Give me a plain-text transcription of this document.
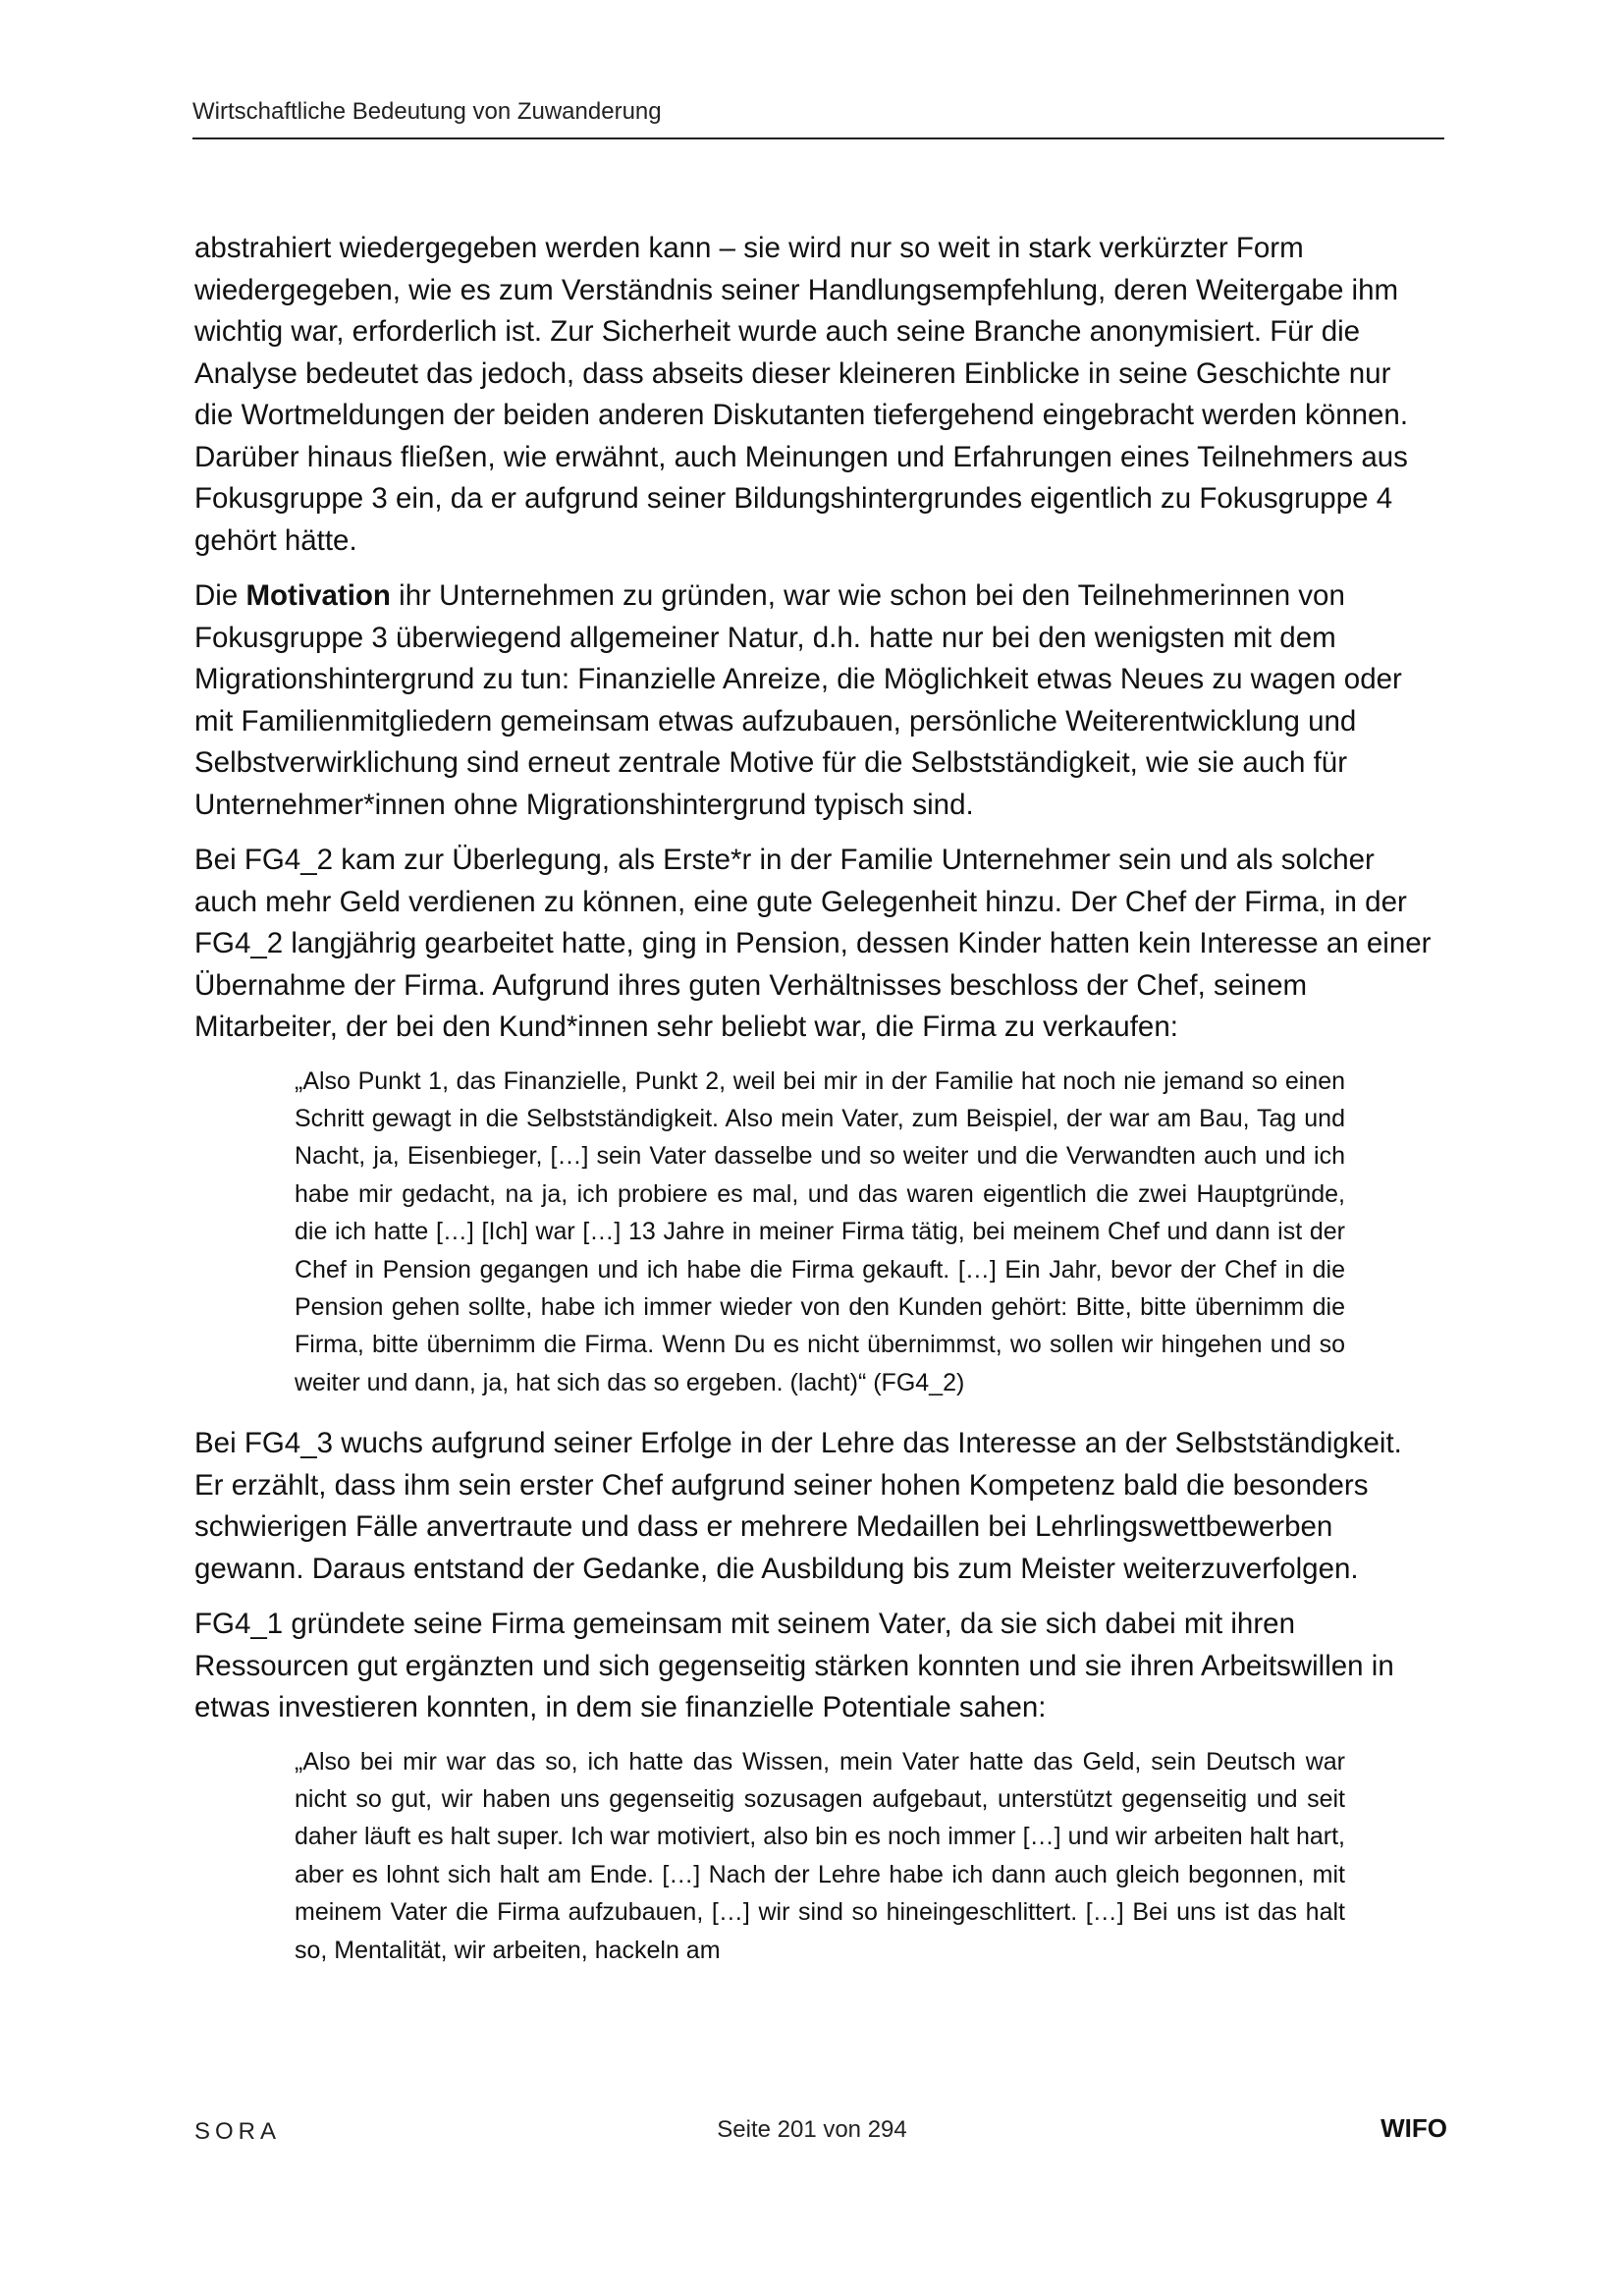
Wirtschaftliche Bedeutung von Zuwanderung

abstrahiert wiedergegeben werden kann – sie wird nur so weit in stark verkürzter Form wiedergegeben, wie es zum Verständnis seiner Handlungsempfehlung, deren Weitergabe ihm wichtig war, erforderlich ist. Zur Sicherheit wurde auch seine Branche anonymisiert. Für die Analyse bedeutet das jedoch, dass abseits dieser kleineren Einblicke in seine Geschichte nur die Wortmeldungen der beiden anderen Diskutanten tiefergehend eingebracht werden können. Darüber hinaus fließen, wie erwähnt, auch Meinungen und Erfahrungen eines Teilnehmers aus Fokusgruppe 3 ein, da er aufgrund seiner Bildungshintergrundes eigentlich zu Fokusgruppe 4 gehört hätte.

Die Motivation ihr Unternehmen zu gründen, war wie schon bei den Teilnehmerinnen von Fokusgruppe 3 überwiegend allgemeiner Natur, d.h. hatte nur bei den wenigsten mit dem Migrationshintergrund zu tun: Finanzielle Anreize, die Möglichkeit etwas Neues zu wagen oder mit Familienmitgliedern gemeinsam etwas aufzubauen, persönliche Weiterentwicklung und Selbstverwirklichung sind erneut zentrale Motive für die Selbstständigkeit, wie sie auch für Unternehmer*innen ohne Migrationshintergrund typisch sind.

Bei FG4_2 kam zur Überlegung, als Erste*r in der Familie Unternehmer sein und als solcher auch mehr Geld verdienen zu können, eine gute Gelegenheit hinzu. Der Chef der Firma, in der FG4_2 langjährig gearbeitet hatte, ging in Pension, dessen Kinder hatten kein Interesse an einer Übernahme der Firma. Aufgrund ihres guten Verhältnisses beschloss der Chef, seinem Mitarbeiter, der bei den Kund*innen sehr beliebt war, die Firma zu verkaufen:

„Also Punkt 1, das Finanzielle, Punkt 2, weil bei mir in der Familie hat noch nie jemand so einen Schritt gewagt in die Selbstständigkeit. Also mein Vater, zum Beispiel, der war am Bau, Tag und Nacht, ja, Eisenbieger, […] sein Vater dasselbe und so weiter und die Verwandten auch und ich habe mir gedacht, na ja, ich probiere es mal, und das waren eigentlich die zwei Hauptgründe, die ich hatte […] [Ich] war […] 13 Jahre in meiner Firma tätig, bei meinem Chef und dann ist der Chef in Pension gegangen und ich habe die Firma gekauft. […] Ein Jahr, bevor der Chef in die Pension gehen sollte, habe ich immer wieder von den Kunden gehört: Bitte, bitte übernimm die Firma, bitte übernimm die Firma. Wenn Du es nicht übernimmst, wo sollen wir hingehen und so weiter und dann, ja, hat sich das so ergeben. (lacht)“ (FG4_2)

Bei FG4_3 wuchs aufgrund seiner Erfolge in der Lehre das Interesse an der Selbstständigkeit. Er erzählt, dass ihm sein erster Chef aufgrund seiner hohen Kompetenz bald die besonders schwierigen Fälle anvertraute und dass er mehrere Medaillen bei Lehrlingswettbewerben gewann. Daraus entstand der Gedanke, die Ausbildung bis zum Meister weiterzuverfolgen.

FG4_1 gründete seine Firma gemeinsam mit seinem Vater, da sie sich dabei mit ihren Ressourcen gut ergänzten und sich gegenseitig stärken konnten und sie ihren Arbeitswillen in etwas investieren konnten, in dem sie finanzielle Potentiale sahen:

„Also bei mir war das so, ich hatte das Wissen, mein Vater hatte das Geld, sein Deutsch war nicht so gut, wir haben uns gegenseitig sozusagen aufgebaut, unterstützt gegenseitig und seit daher läuft es halt super. Ich war motiviert, also bin es noch immer […] und wir arbeiten halt hart, aber es lohnt sich halt am Ende. […] Nach der Lehre habe ich dann auch gleich begonnen, mit meinem Vater die Firma aufzubauen, […] wir sind so hineingeschlittert. […] Bei uns ist das halt so, Mentalität, wir arbeiten, hackeln am

SORA	Seite 201 von 294	WIFO
